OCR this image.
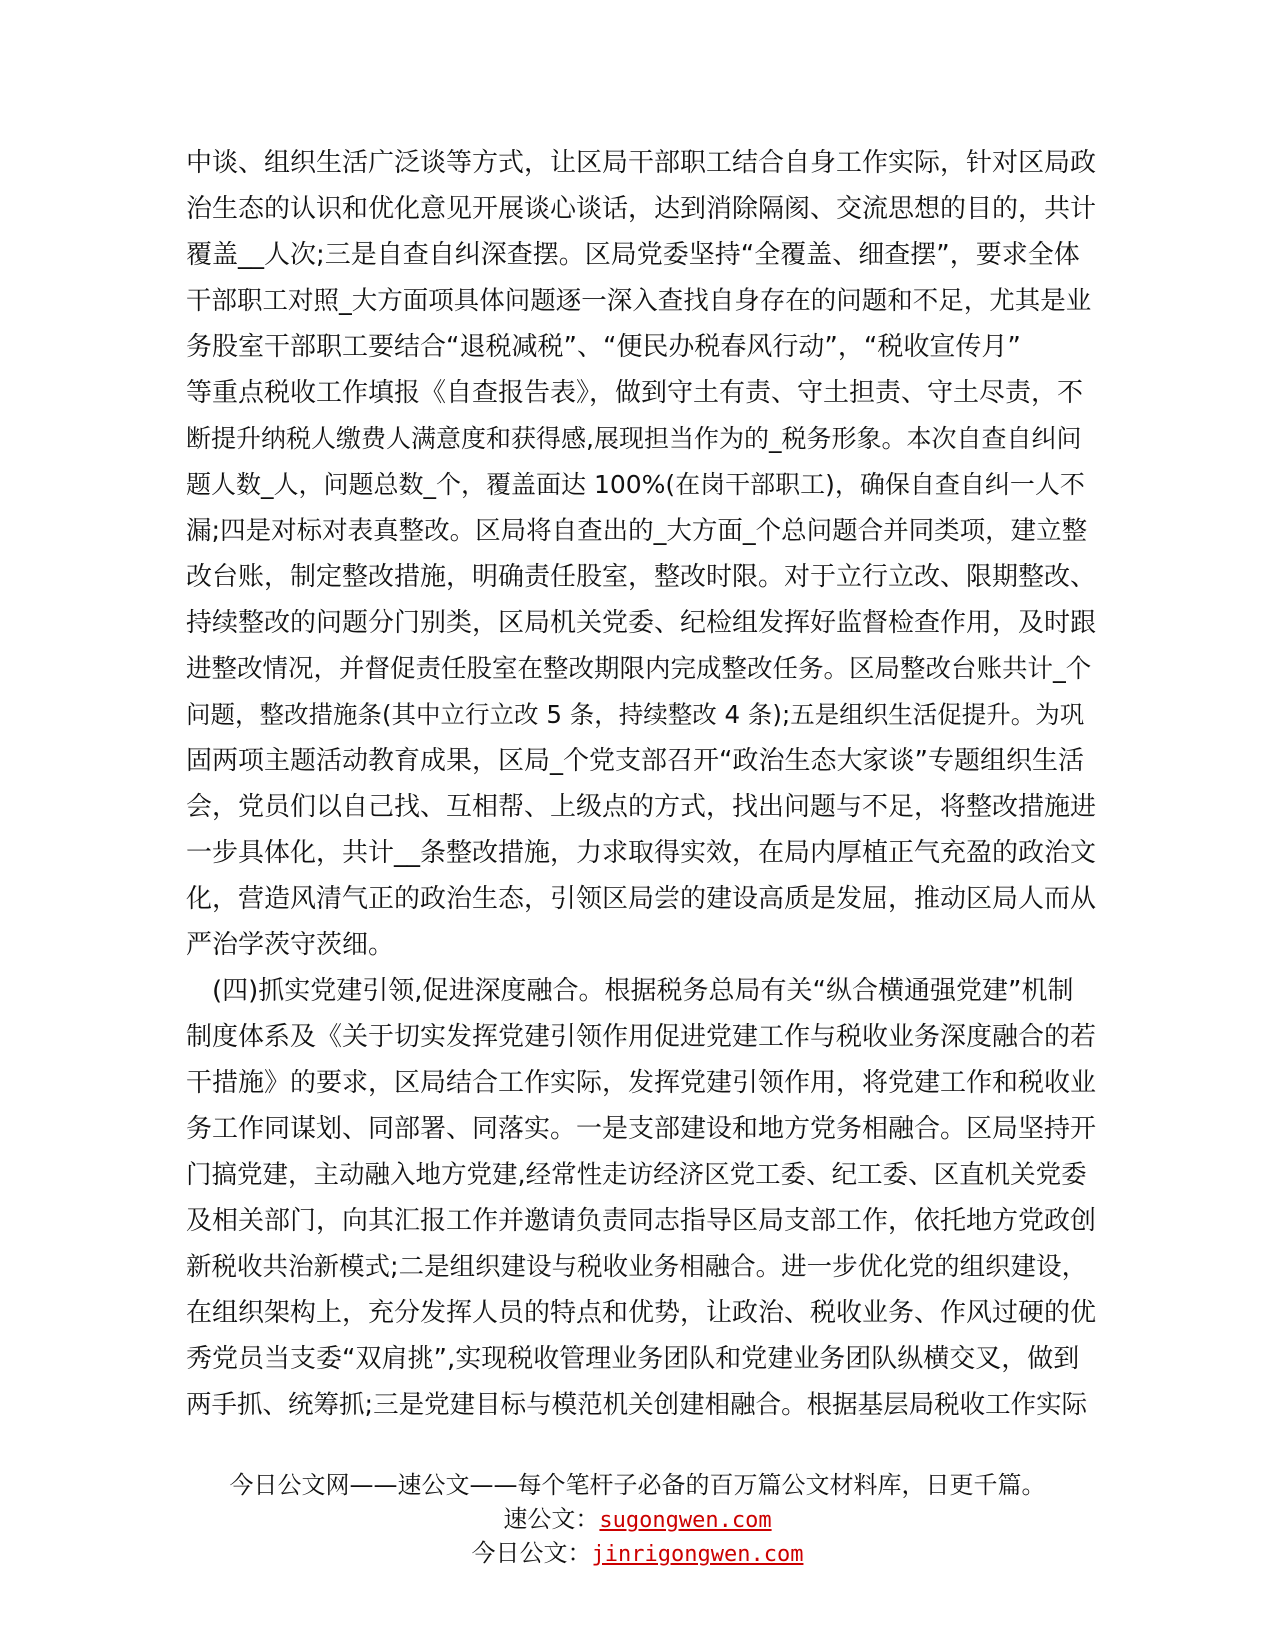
中谈、组织生活广泛谈等方式，让区局干部职工结合自身工作实际，针对区局政
治生态的认识和优化意见开展谈心谈话，达到消除隔阂、交流思想的目的，共计
覆盖__人次;三是自查自纠深查摆。区局党委坚持“全覆盖、细查摆”，要求全体
干部职工对照_大方面项具体问题逐一深入查找自身存在的问题和不足，尤其是业
务股室干部职工要结合“退税减税”、“便民办税春风行动”，“税收宣传月”
等重点税收工作填报《自查报告表》，做到守土有责、守土担责、守土尽责，不
断提升纳税人缴费人满意度和获得感,展现担当作为的_税务形象。本次自查自纠问
题人数_人，问题总数_个，覆盖面达 100%(在岗干部职工)，确保自查自纠一人不
漏;四是对标对表真整改。区局将自查出的_大方面_个总问题合并同类项，建立整
改台账，制定整改措施，明确责任股室，整改时限。对于立行立改、限期整改、
持续整改的问题分门别类，区局机关党委、纪检组发挥好监督检查作用，及时跟
进整改情况，并督促责任股室在整改期限内完成整改任务。区局整改台账共计_个
问题，整改措施条(其中立行立改 5 条，持续整改 4 条);五是组织生活促提升。为巩
固两项主题活动教育成果，区局_个党支部召开“政治生态大家谈”专题组织生活
会，党员们以自己找、互相帮、上级点的方式，找出问题与不足，将整改措施进
一步具体化，共计__条整改措施，力求取得实效，在局内厚植正气充盈的政治文
化，营造风清气正的政治生态，引领区局尝的建设高质是发屈，推动区局人而从
严治学茨守茨细。
(四)抓实党建引领,促进深度融合。根据税务总局有关“纵合横通强党建”机制
制度体系及《关于切实发挥党建引领作用促进党建工作与税收业务深度融合的若
干措施》的要求，区局结合工作实际，发挥党建引领作用，将党建工作和税收业
务工作同谋划、同部署、同落实。一是支部建设和地方党务相融合。区局坚持开
门搞党建，主动融入地方党建,经常性走访经济区党工委、纪工委、区直机关党委
及相关部门，向其汇报工作并邀请负责同志指导区局支部工作，依托地方党政创
新税收共治新模式;二是组织建设与税收业务相融合。进一步优化党的组织建设，
在组织架构上，充分发挥人员的特点和优势，让政治、税收业务、作风过硬的优
秀党员当支委“双肩挑”,实现税收管理业务团队和党建业务团队纵横交叉，做到
两手抓、统筹抓;三是党建目标与模范机关创建相融合。根据基层局税收工作实际
今日公文网——速公文——每个笔杆子必备的百万篇公文材料库，日更千篇。
速公文：sugongwen.com
今日公文：jinrigongwen.com
